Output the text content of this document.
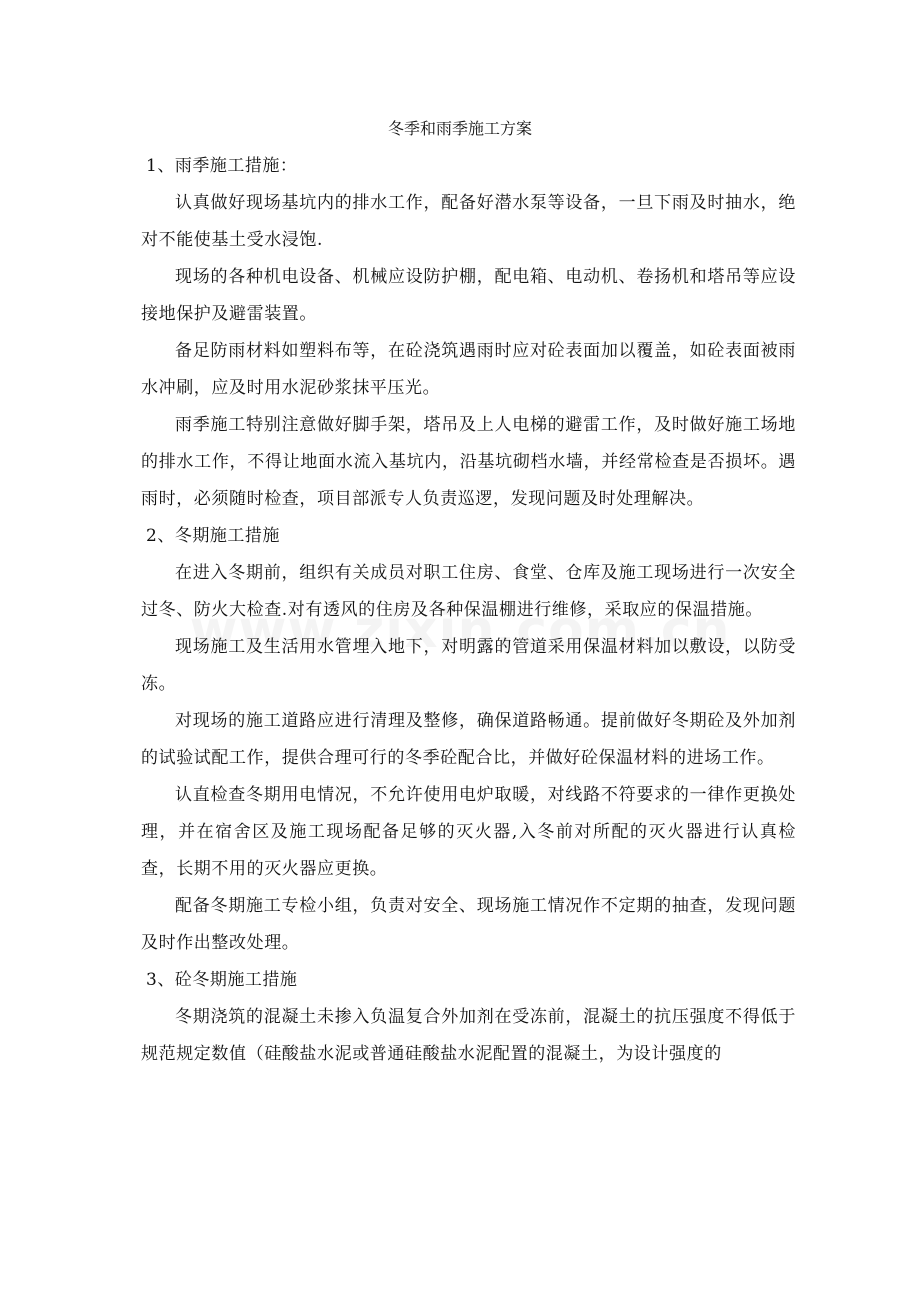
冬季和雨季施工方案

1、雨季施工措施：

认真做好现场基坑内的排水工作，配备好潜水泵等设备，一旦下雨及时抽水，绝对不能使基土受水浸饱.

现场的各种机电设备、机械应设防护棚，配电箱、电动机、卷扬机和塔吊等应设接地保护及避雷装置。

备足防雨材料如塑料布等，在砼浇筑遇雨时应对砼表面加以覆盖，如砼表面被雨水冲刷，应及时用水泥砂浆抹平压光。

雨季施工特别注意做好脚手架，塔吊及上人电梯的避雷工作，及时做好施工场地的排水工作，不得让地面水流入基坑内，沿基坑砌档水墙，并经常检查是否损坏。遇雨时，必须随时检查，项目部派专人负责巡逻，发现问题及时处理解决。

2、冬期施工措施

在进入冬期前，组织有关成员对职工住房、食堂、仓库及施工现场进行一次安全过冬、防火大检查.对有透风的住房及各种保温棚进行维修，采取应的保温措施。

现场施工及生活用水管埋入地下，对明露的管道采用保温材料加以敷设，以防受冻。

对现场的施工道路应进行清理及整修，确保道路畅通。提前做好冬期砼及外加剂的试验试配工作，提供合理可行的冬季砼配合比，并做好砼保温材料的进场工作。

认直检查冬期用电情况，不允许使用电炉取暖，对线路不符要求的一律作更换处理，并在宿舍区及施工现场配备足够的灭火器,入冬前对所配的灭火器进行认真检查，长期不用的灭火器应更换。

配备冬期施工专检小组，负责对安全、现场施工情况作不定期的抽查，发现问题及时作出整改处理。

3、砼冬期施工措施

冬期浇筑的混凝土未掺入负温复合外加剂在受冻前，混凝土的抗压强度不得低于规范规定数值（硅酸盐水泥或普通硅酸盐水泥配置的混凝土，为设计强度的
